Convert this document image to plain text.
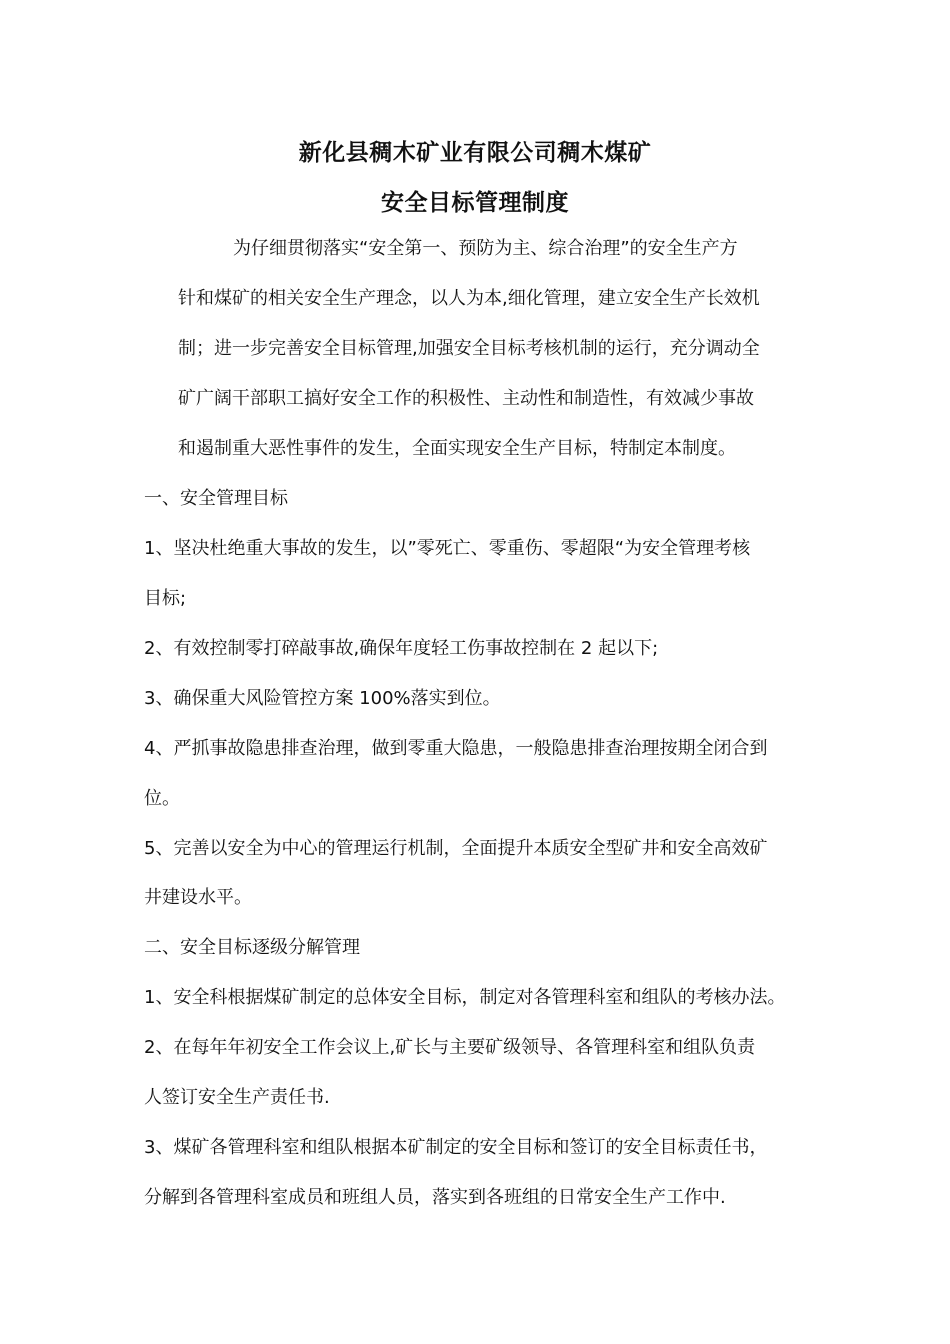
新化县稠木矿业有限公司稠木煤矿
安全目标管理制度
为仔细贯彻落实“安全第一、预防为主、综合治理”的安全生产方
针和煤矿的相关安全生产理念，以人为本,细化管理，建立安全生产长效机
制；进一步完善安全目标管理,加强安全目标考核机制的运行，充分调动全
矿广阔干部职工搞好安全工作的积极性、主动性和制造性，有效减少事故
和遏制重大恶性事件的发生，全面实现安全生产目标，特制定本制度。
一、安全管理目标
1、坚决杜绝重大事故的发生，以”零死亡、零重伤、零超限“为安全管理考核
目标;
2、有效控制零打碎敲事故,确保年度轻工伤事故控制在 2 起以下;
3、确保重大风险管控方案 100%落实到位。
4、严抓事故隐患排查治理，做到零重大隐患，一般隐患排查治理按期全闭合到
位。
5、完善以安全为中心的管理运行机制，全面提升本质安全型矿井和安全高效矿
井建设水平。
二、安全目标逐级分解管理
1、安全科根据煤矿制定的总体安全目标，制定对各管理科室和组队的考核办法。
2、在每年年初安全工作会议上,矿长与主要矿级领导、各管理科室和组队负责
人签订安全生产责任书.
3、煤矿各管理科室和组队根据本矿制定的安全目标和签订的安全目标责任书，
分解到各管理科室成员和班组人员，落实到各班组的日常安全生产工作中.
